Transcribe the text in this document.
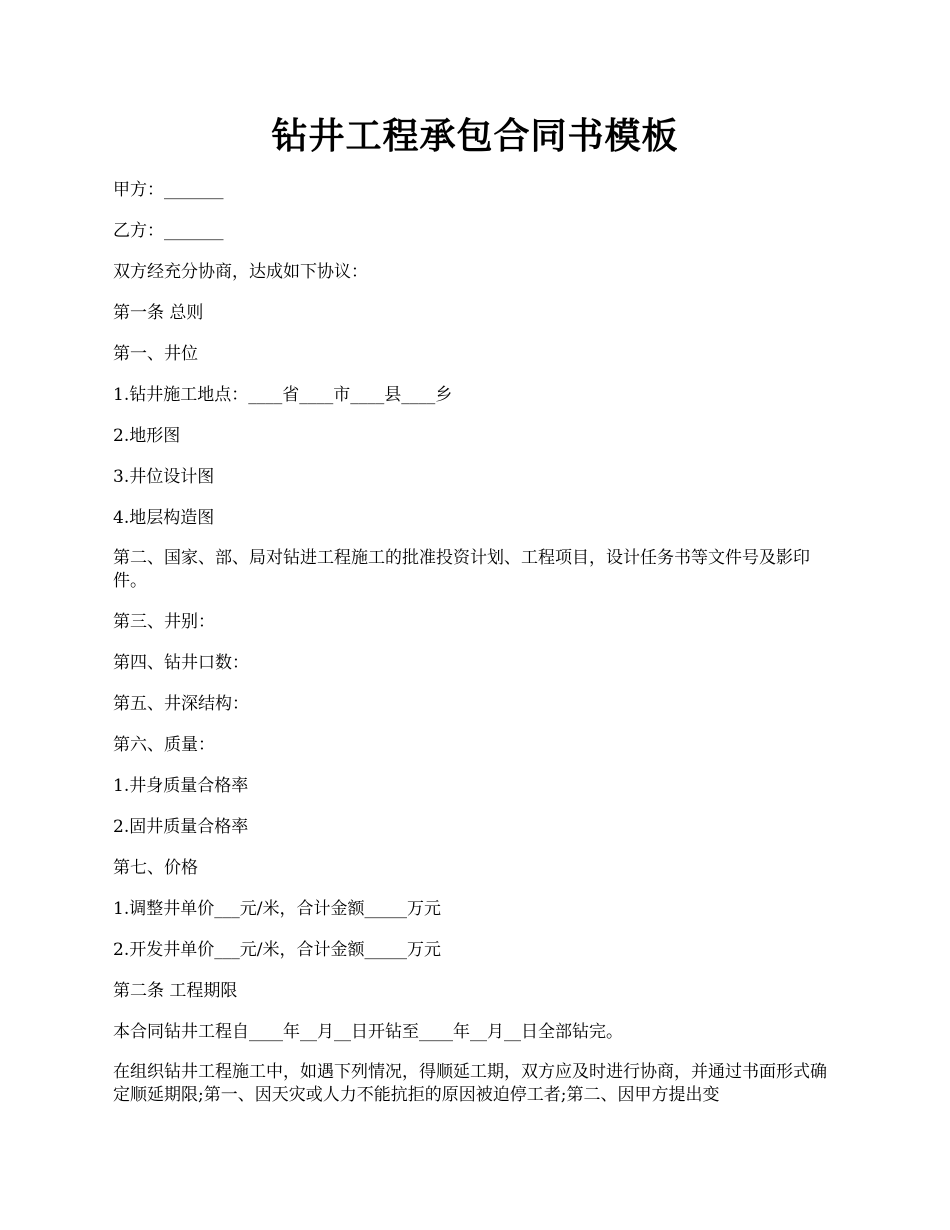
钻井工程承包合同书模板

甲方：_______

乙方：_______

双方经充分协商，达成如下协议：

第一条 总则

第一、井位

1.钻井施工地点：____省____市____县____乡

2.地形图

3.井位设计图

4.地层构造图

第二、国家、部、局对钻进工程施工的批准投资计划、工程项目，设计任务书等文件号及影印件。

第三、井别：

第四、钻井口数：

第五、井深结构：

第六、质量：

1.井身质量合格率

2.固井质量合格率

第七、价格

1.调整井单价___元/米，合计金额_____万元

2.开发井单价___元/米，合计金额_____万元

第二条 工程期限

本合同钻井工程自____年__月__日开钻至____年__月__日全部钻完。

在组织钻井工程施工中，如遇下列情况，得顺延工期，双方应及时进行协商，并通过书面形式确定顺延期限;第一、因天灾或人力不能抗拒的原因被迫停工者;第二、因甲方提出变
